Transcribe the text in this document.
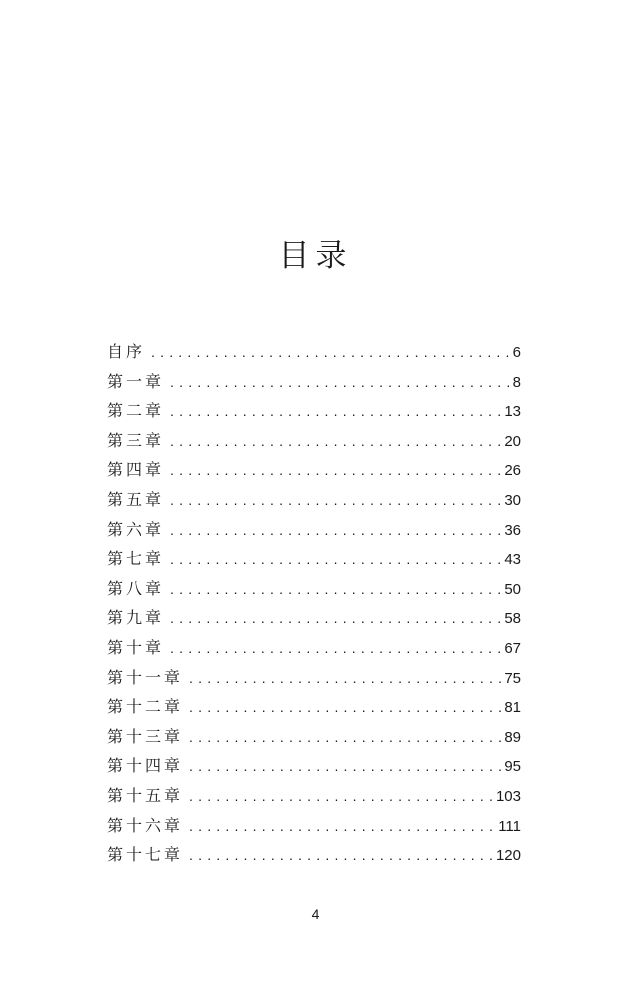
目录
自序 .....	6
第一章 .....	8
第二章 .....	13
第三章 .....	20
第四章 .....	26
第五章 .....	30
第六章 .....	36
第七章 .....	43
第八章 .....	50
第九章 .....	58
第十章 .....	67
第十一章 .....	75
第十二章 .....	81
第十三章 .....	89
第十四章 .....	95
第十五章 .....	103
第十六章 .....	111
第十七章 .....	120
4
